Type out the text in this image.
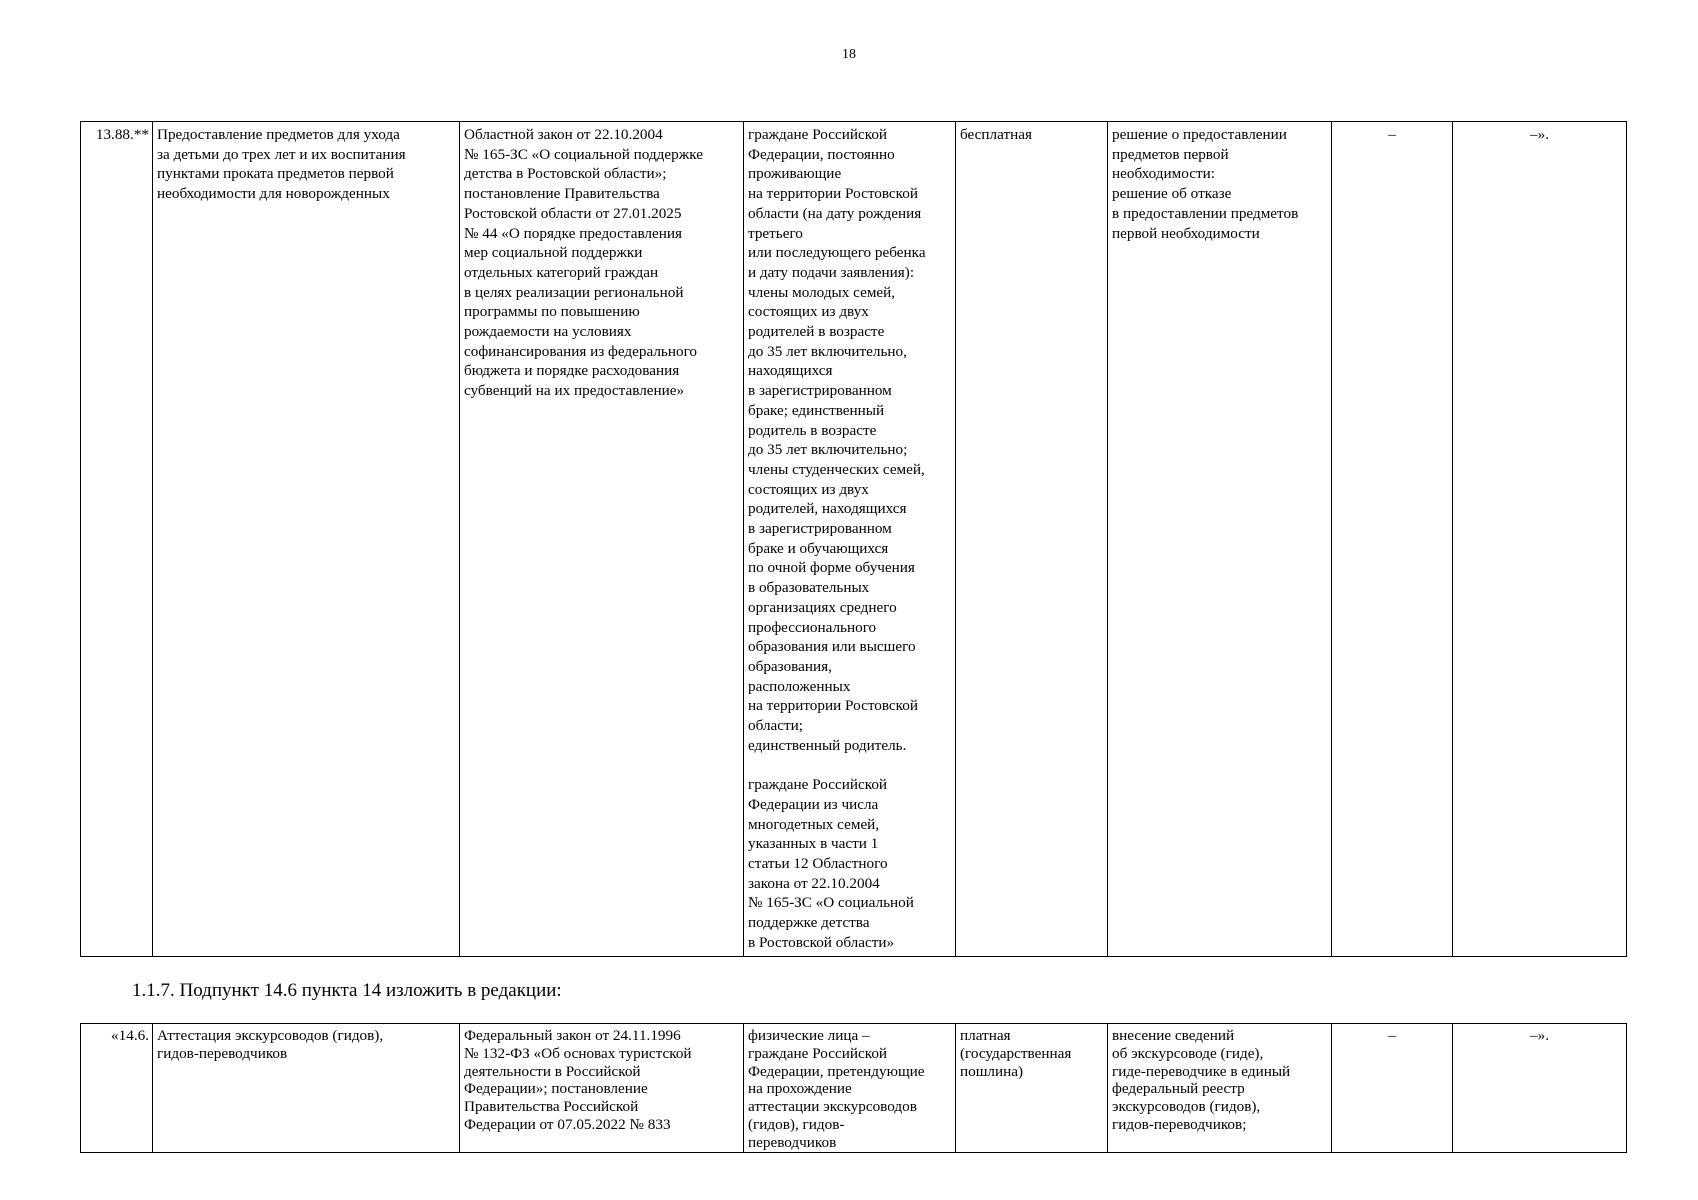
18
13.88.**	Предоставление предметов для ухода
за детьми до трех лет и их воспитания
пунктами проката предметов первой
необходимости для новорожденных	Областной закон от 22.10.2004
№ 165-ЗС «О социальной поддержке
детства в Ростовской области»;
постановление Правительства
Ростовской области от 27.01.2025
№ 44 «О порядке предоставления
мер социальной поддержки
отдельных категорий граждан
в целях реализации региональной
программы по повышению
рождаемости на условиях
софинансирования из федерального
бюджета и порядке расходования
субвенций на их предоставление»	граждане Российской
Федерации, постоянно
проживающие
на территории Ростовской
области (на дату рождения
третьего
или последующего ребенка
и дату подачи заявления):
члены молодых семей,
состоящих из двух
родителей в возрасте
до 35 лет включительно,
находящихся
в зарегистрированном
браке; единственный
родитель в возрасте
до 35 лет включительно;
члены студенческих семей,
состоящих из двух
родителей, находящихся
в зарегистрированном
браке и обучающихся
по очной форме обучения
в образовательных
организациях среднего
профессионального
образования или высшего
образования,
расположенных
на территории Ростовской
области;
единственный родитель.

граждане Российской
Федерации из числа
многодетных семей,
указанных в части 1
статьи 12 Областного
закона от 22.10.2004
№ 165-ЗС «О социальной
поддержке детства
в Ростовской области»	бесплатная	решение о предоставлении
предметов первой
необходимости:
решение об отказе
в предоставлении предметов
первой необходимости	–	–».
1.1.7. Подпункт 14.6 пункта 14 изложить в редакции:
«14.6.	Аттестация экскурсоводов (гидов),
гидов-переводчиков	Федеральный закон от 24.11.1996
№ 132-ФЗ «Об основах туристской
деятельности в Российской
Федерации»; постановление
Правительства Российской
Федерации от 07.05.2022 № 833	физические лица –
граждане Российской
Федерации, претендующие
на прохождение
аттестации экскурсоводов
(гидов), гидов-
переводчиков	платная
(государственная
пошлина)	внесение сведений
об экскурсоводе (гиде),
гиде-переводчике в единый
федеральный реестр
экскурсоводов (гидов),
гидов-переводчиков;	–	–».
